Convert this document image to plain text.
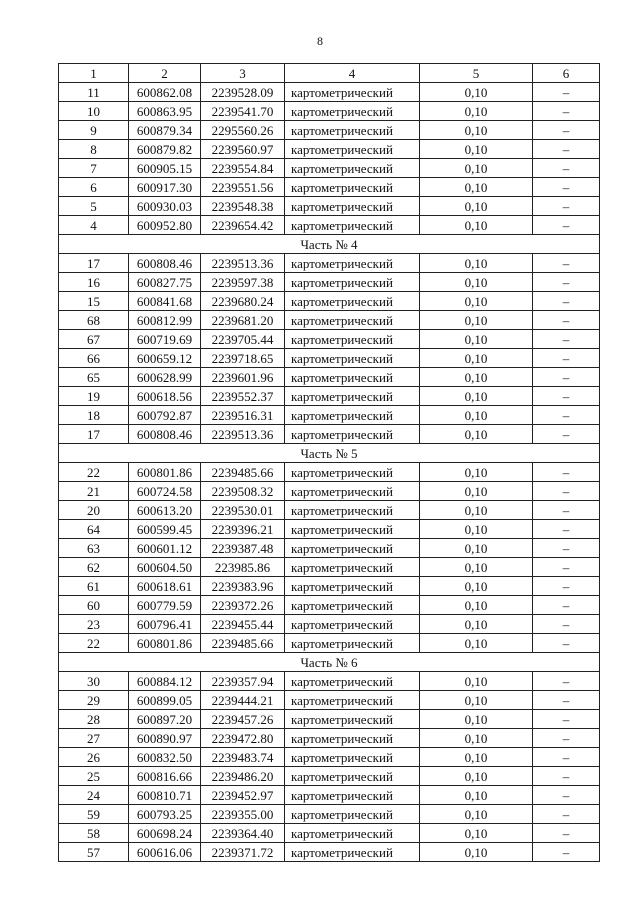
8
1	2	3	4	5	6
11	600862.08	2239528.09	картометрический	0,10	–
10	600863.95	2239541.70	картометрический	0,10	–
9	600879.34	2295560.26	картометрический	0,10	–
8	600879.82	2239560.97	картометрический	0,10	–
7	600905.15	2239554.84	картометрический	0,10	–
6	600917.30	2239551.56	картометрический	0,10	–
5	600930.03	2239548.38	картометрический	0,10	–
4	600952.80	2239654.42	картометрический	0,10	–
Часть № 4					
17	600808.46	2239513.36	картометрический	0,10	–
16	600827.75	2239597.38	картометрический	0,10	–
15	600841.68	2239680.24	картометрический	0,10	–
68	600812.99	2239681.20	картометрический	0,10	–
67	600719.69	2239705.44	картометрический	0,10	–
66	600659.12	2239718.65	картометрический	0,10	–
65	600628.99	2239601.96	картометрический	0,10	–
19	600618.56	2239552.37	картометрический	0,10	–
18	600792.87	2239516.31	картометрический	0,10	–
17	600808.46	2239513.36	картометрический	0,10	–
Часть № 5					
22	600801.86	2239485.66	картометрический	0,10	–
21	600724.58	2239508.32	картометрический	0,10	–
20	600613.20	2239530.01	картометрический	0,10	–
64	600599.45	2239396.21	картометрический	0,10	–
63	600601.12	2239387.48	картометрический	0,10	–
62	600604.50	223985.86	картометрический	0,10	–
61	600618.61	2239383.96	картометрический	0,10	–
60	600779.59	2239372.26	картометрический	0,10	–
23	600796.41	2239455.44	картометрический	0,10	–
22	600801.86	2239485.66	картометрический	0,10	–
Часть № 6					
30	600884.12	2239357.94	картометрический	0,10	–
29	600899.05	2239444.21	картометрический	0,10	–
28	600897.20	2239457.26	картометрический	0,10	–
27	600890.97	2239472.80	картометрический	0,10	–
26	600832.50	2239483.74	картометрический	0,10	–
25	600816.66	2239486.20	картометрический	0,10	–
24	600810.71	2239452.97	картометрический	0,10	–
59	600793.25	2239355.00	картометрический	0,10	–
58	600698.24	2239364.40	картометрический	0,10	–
57	600616.06	2239371.72	картометрический	0,10	–
